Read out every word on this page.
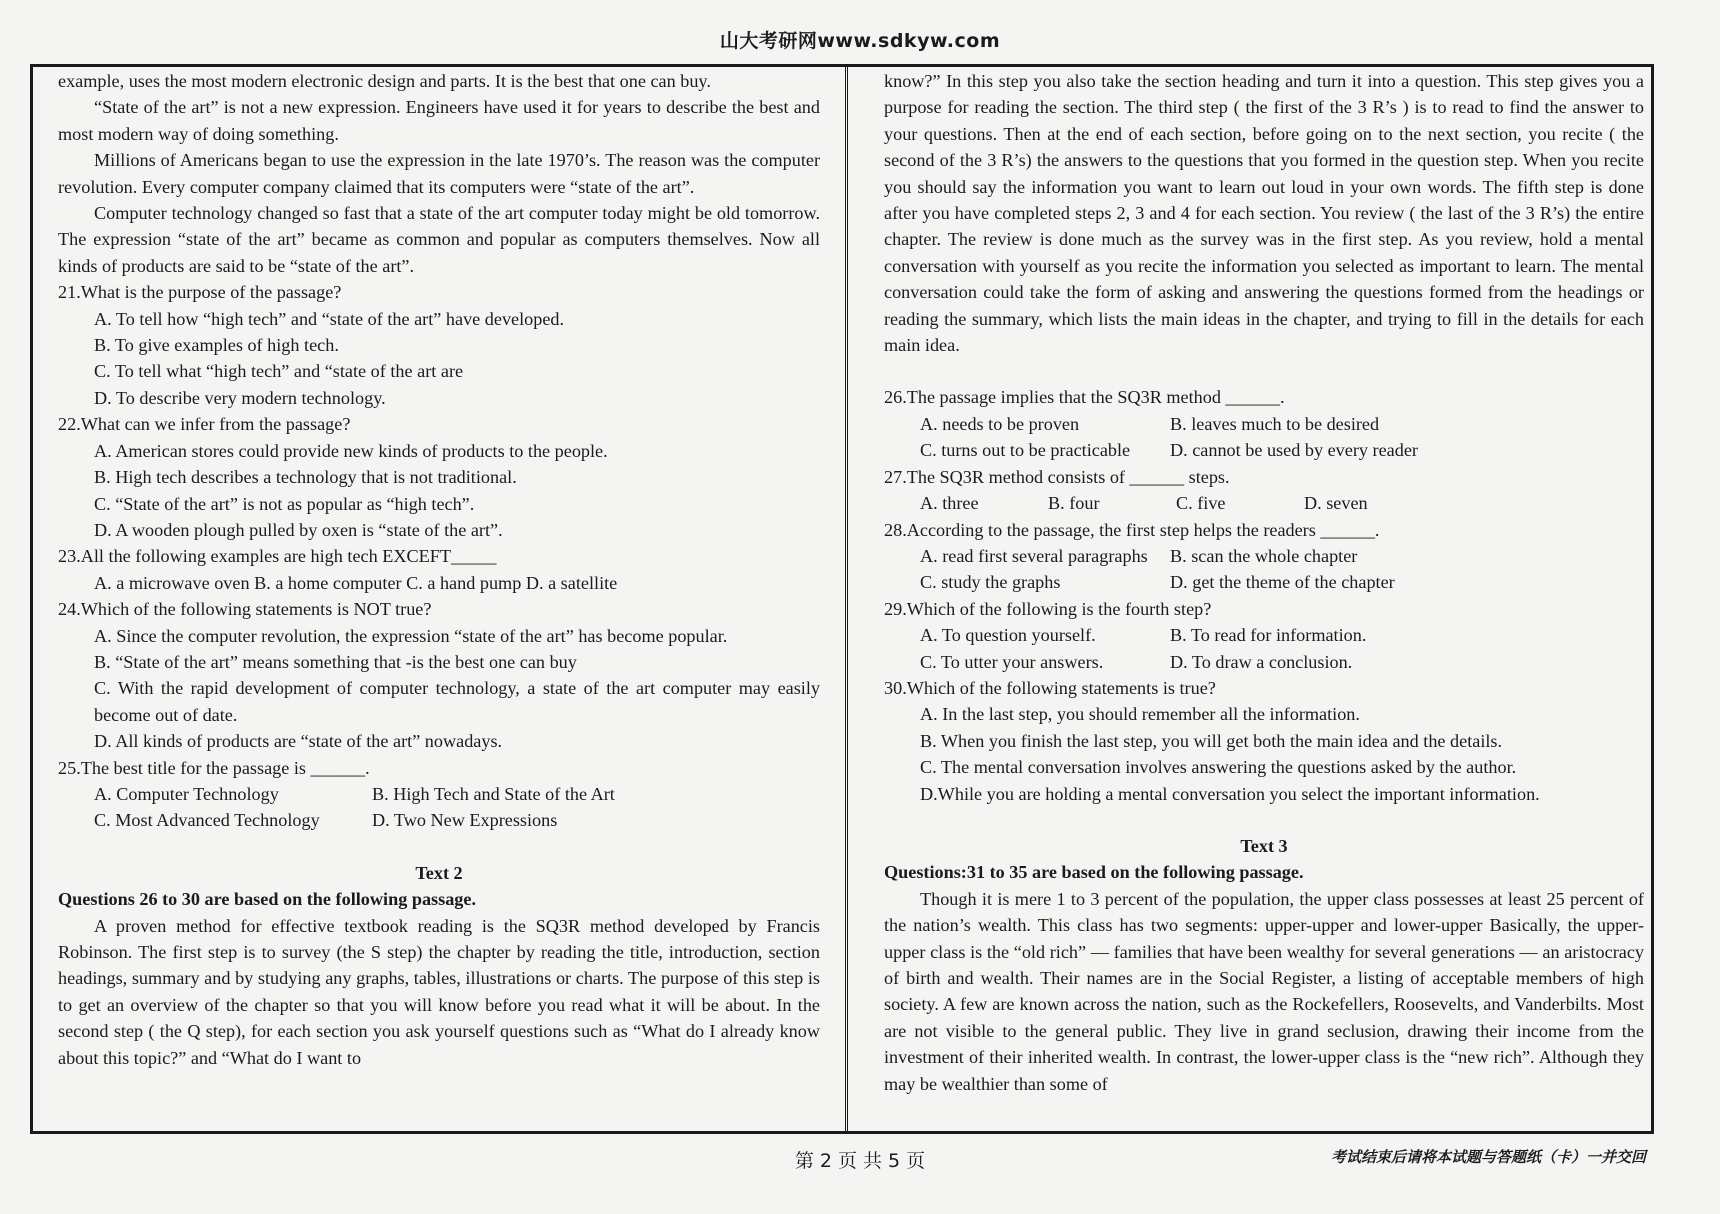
山大考研网www.sdkyw.com

example, uses the most modern electronic design and parts. It is the best that one can buy.

“State of the art” is not a new expression. Engineers have used it for years to describe the best and most modern way of doing something.

Millions of Americans began to use the expression in the late 1970’s. The reason was the computer revolution. Every computer company claimed that its computers were “state of the art”.

Computer technology changed so fast that a state of the art computer today might be old tomorrow. The expression “state of the art” became as common and popular as computers themselves. Now all kinds of products are said to be “state of the art”.

21.What is the purpose of the passage?

A. To tell how “high tech” and “state of the art” have developed.

B. To give examples of high tech.

C. To tell what “high tech” and “state of the art are

D. To describe very modern technology.

22.What can we infer from the passage?

A. American stores could provide new kinds of products to the people.

B. High tech describes a technology that is not traditional.

C. “State of the art” is not as popular as “high tech”.

D. A wooden plough pulled by oxen is “state of the art”.

23.All the following examples are high tech EXCEFT_____

A. a microwave oven B. a home computer C. a hand pump D. a satellite

24.Which of the following statements is NOT true?

A. Since the computer revolution, the expression “state of the art” has become popular.

B. “State of the art” means something that -is the best one can buy

C. With the rapid development of computer technology, a state of the art computer may easily become out of date.

D. All kinds of products are “state of the art” nowadays.

25.The best title for the passage is ______.

A. Computer Technology	B. High Tech and State of the Art
C. Most Advanced Technology	D. Two New Expressions

Text 2

Questions 26 to 30 are based on the following passage.

A proven method for effective textbook reading is the SQ3R method developed by Francis Robinson. The first step is to survey (the S step) the chapter by reading the title, introduction, section headings, summary and by studying any graphs, tables, illustrations or charts. The purpose of this step is to get an overview of the chapter so that you will know before you read what it will be about. In the second step ( the Q step), for each section you ask yourself questions such as “What do I already know about this topic?” and “What do I want to

know?” In this step you also take the section heading and turn it into a question. This step gives you a purpose for reading the section. The third step ( the first of the 3 R’s ) is to read to find the answer to your questions. Then at the end of each section, before going on to the next section, you recite ( the second of the 3 R’s) the answers to the questions that you formed in the question step. When you recite you should say the information you want to learn out loud in your own words. The fifth step is done after you have completed steps 2, 3 and 4 for each section. You review ( the last of the 3 R’s) the entire chapter. The review is done much as the survey was in the first step. As you review, hold a mental conversation with yourself as you recite the information you selected as important to learn. The mental conversation could take the form of asking and answering the questions formed from the headings or reading the summary, which lists the main ideas in the chapter, and trying to fill in the details for each main idea.

26.The passage implies that the SQ3R method ______.

A. needs to be proven	B. leaves much to be desired
C. turns out to be practicable	D. cannot be used by every reader

27.The SQ3R method consists of ______ steps.

A. three	B. four	C. five	D. seven

28.According to the passage, the first step helps the readers ______.

A. read first several paragraphs	B. scan the whole chapter
C. study the graphs	D. get the theme of the chapter

29.Which of the following is the fourth step?

A. To question yourself.	B. To read for information.
C. To utter your answers.	D. To draw a conclusion.

30.Which of the following statements is true?

A. In the last step, you should remember all the information.

B. When you finish the last step, you will get both the main idea and the details.

C. The mental conversation involves answering the questions asked by the author.

D.While you are holding a mental conversation you select the important information.

Text 3

Questions:31 to 35 are based on the following passage.

Though it is mere 1 to 3 percent of the population, the upper class possesses at least 25 percent of the nation’s wealth. This class has two segments: upper-upper and lower-upper Basically, the upper-upper class is the “old rich” — families that have been wealthy for several generations — an aristocracy of birth and wealth. Their names are in the Social Register, a listing of acceptable members of high society. A few are known across the nation, such as the Rockefellers, Roosevelts, and Vanderbilts. Most are not visible to the general public. They live in grand seclusion, drawing their income from the investment of their inherited wealth. In contrast, the lower-upper class is the “new rich”. Although they may be wealthier than some of

第 2 页 共 5 页	考试结束后请将本试题与答题纸（卡）一并交回
